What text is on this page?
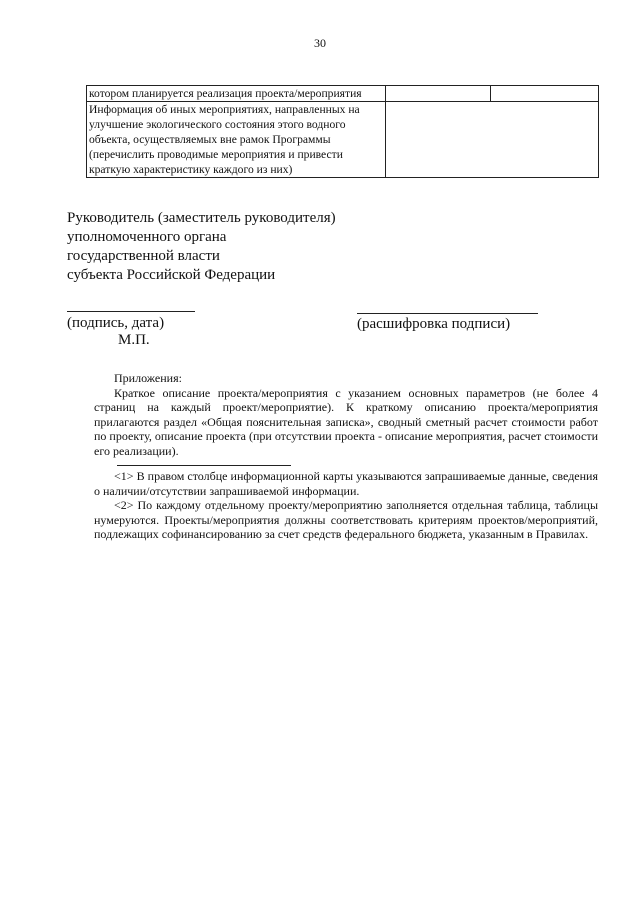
30
котором планируется реализация проекта/мероприятия		
Информация об иных мероприятиях, направленных на улучшение экологического состояния этого водного объекта, осуществляемых вне рамок Программы (перечислить проводимые мероприятия и привести краткую характеристику каждого из них)		
Руководитель (заместитель руководителя)
уполномоченного органа
государственной власти
субъекта Российской Федерации
(подпись, дата)
М.П.
(расшифровка подписи)

Приложения:

Краткое описание проекта/мероприятия с указанием основных параметров (не более 4 страниц на каждый проект/мероприятие). К краткому описанию проекта/мероприятия прилагаются раздел «Общая пояснительная записка», сводный сметный расчет стоимости работ по проекту, описание проекта (при отсутствии проекта - описание мероприятия, расчет стоимости его реализации).

<1> В правом столбце информационной карты указываются запрашиваемые данные, сведения о наличии/отсутствии запрашиваемой информации.

<2> По каждому отдельному проекту/мероприятию заполняется отдельная таблица, таблицы нумеруются. Проекты/мероприятия должны соответствовать критериям проектов/мероприятий, подлежащих софинансированию за счет средств федерального бюджета, указанным в Правилах.
